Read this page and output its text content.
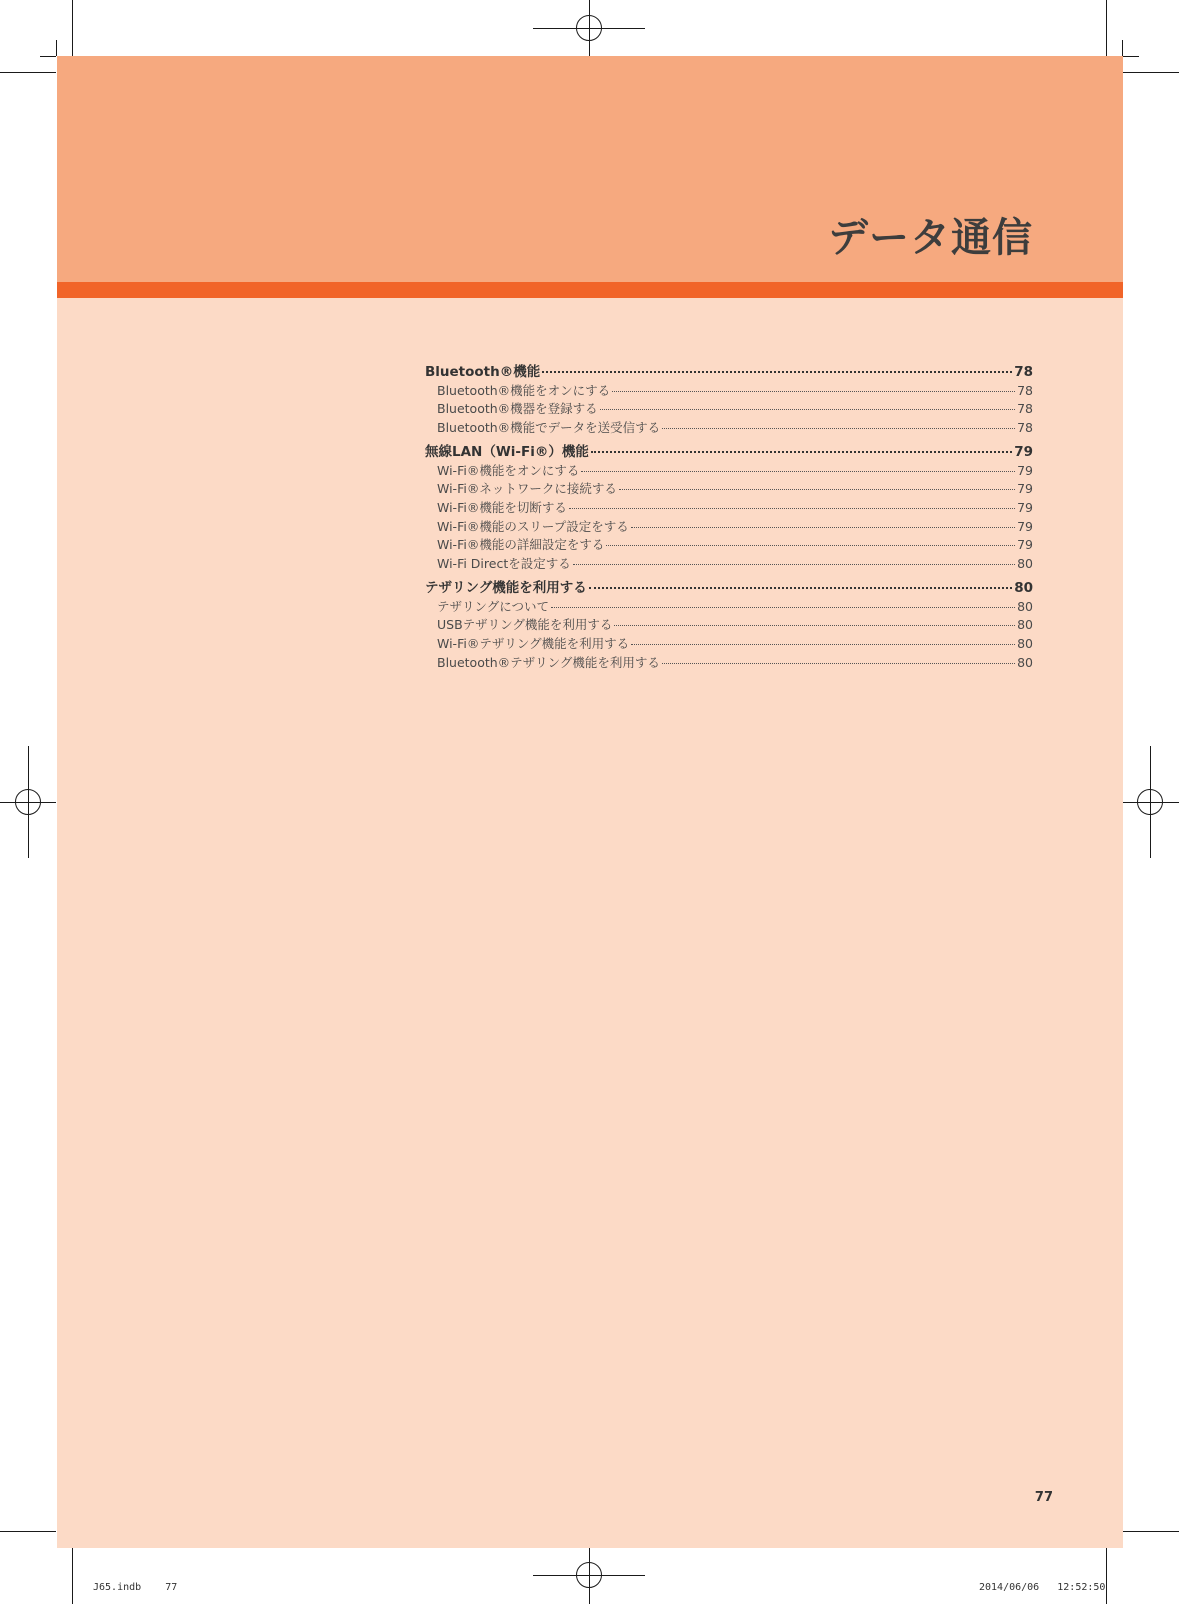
データ通信
Bluetooth®機能	78
Bluetooth®機能をオンにする	78
Bluetooth®機器を登録する	78
Bluetooth®機能でデータを送受信する	78
無線LAN（Wi-Fi®）機能	79
Wi-Fi®機能をオンにする	79
Wi-Fi®ネットワークに接続する	79
Wi-Fi®機能を切断する	79
Wi-Fi®機能のスリープ設定をする	79
Wi-Fi®機能の詳細設定をする	79
Wi-Fi Directを設定する	80
テザリング機能を利用する	80
テザリングについて	80
USBテザリング機能を利用する	80
Wi-Fi®テザリング機能を利用する	80
Bluetooth®テザリング機能を利用する	80
77
J65.indb    77	2014/06/06   12:52:50
